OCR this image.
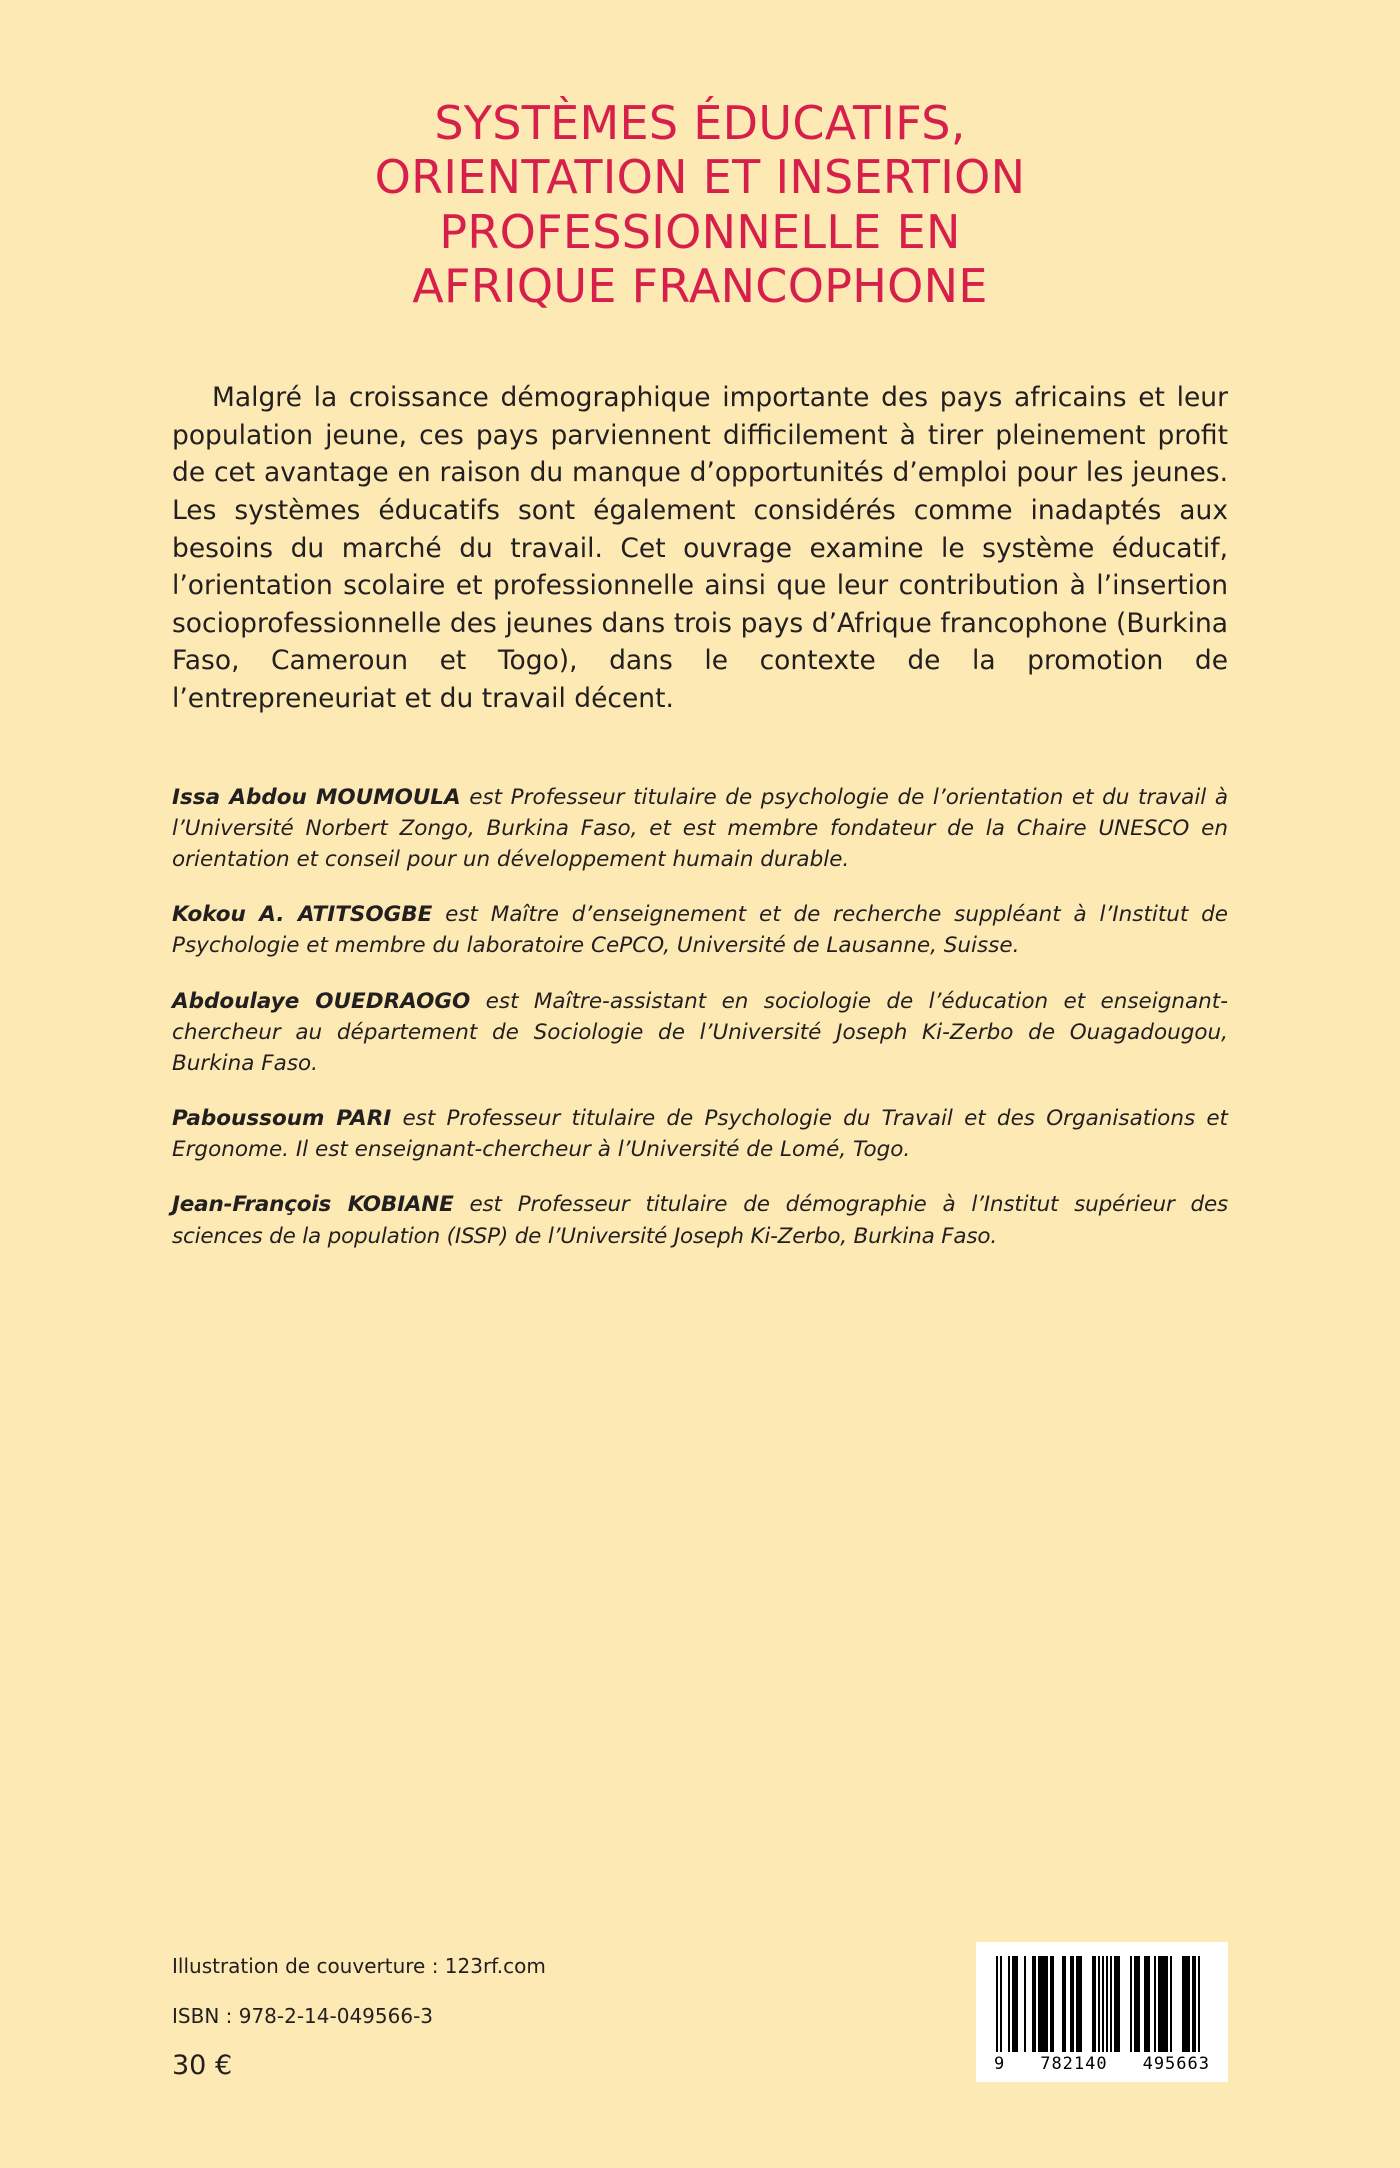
SYSTÈMES ÉDUCATIFS,
ORIENTATION ET INSERTION
PROFESSIONNELLE EN
AFRIQUE FRANCOPHONE

Malgré la croissance démographique importante des pays africains et leur population jeune, ces pays parviennent difficilement à tirer pleinement profit de cet avantage en raison du manque d’opportunités d’emploi pour les jeunes. Les systèmes éducatifs sont également considérés comme inadaptés aux besoins du marché du travail. Cet ouvrage examine le système éducatif, l’orientation scolaire et professionnelle ainsi que leur contribution à l’insertion socioprofessionnelle des jeunes dans trois pays d’Afrique francophone (Burkina Faso, Cameroun et Togo), dans le contexte de la promotion de l’entrepreneuriat et du travail décent.

Issa Abdou MOUMOULA est Professeur titulaire de psychologie de l’orientation et du travail à l’Université Norbert Zongo, Burkina Faso, et est membre fondateur de la Chaire UNESCO en orientation et conseil pour un développement humain durable.

Kokou A. ATITSOGBE est Maître d’enseignement et de recherche suppléant à l’Institut de Psychologie et membre du laboratoire CePCO, Université de Lausanne, Suisse.

Abdoulaye OUEDRAOGO est Maître-assistant en sociologie de l’éducation et enseignant-chercheur au département de Sociologie de l’Université Joseph Ki-Zerbo de Ouagadougou, Burkina Faso.

Paboussoum PARI est Professeur titulaire de Psychologie du Travail et des Organisations et Ergonome. Il est enseignant-chercheur à l’Université de Lomé, Togo.

Jean-François KOBIANE est Professeur titulaire de démographie à l’Institut supérieur des sciences de la population (ISSP) de l’Université Joseph Ki-Zerbo, Burkina Faso.

Illustration de couverture : 123rf.com
ISBN : 978-2-14-049566-3
30 €	9 782140 495663
